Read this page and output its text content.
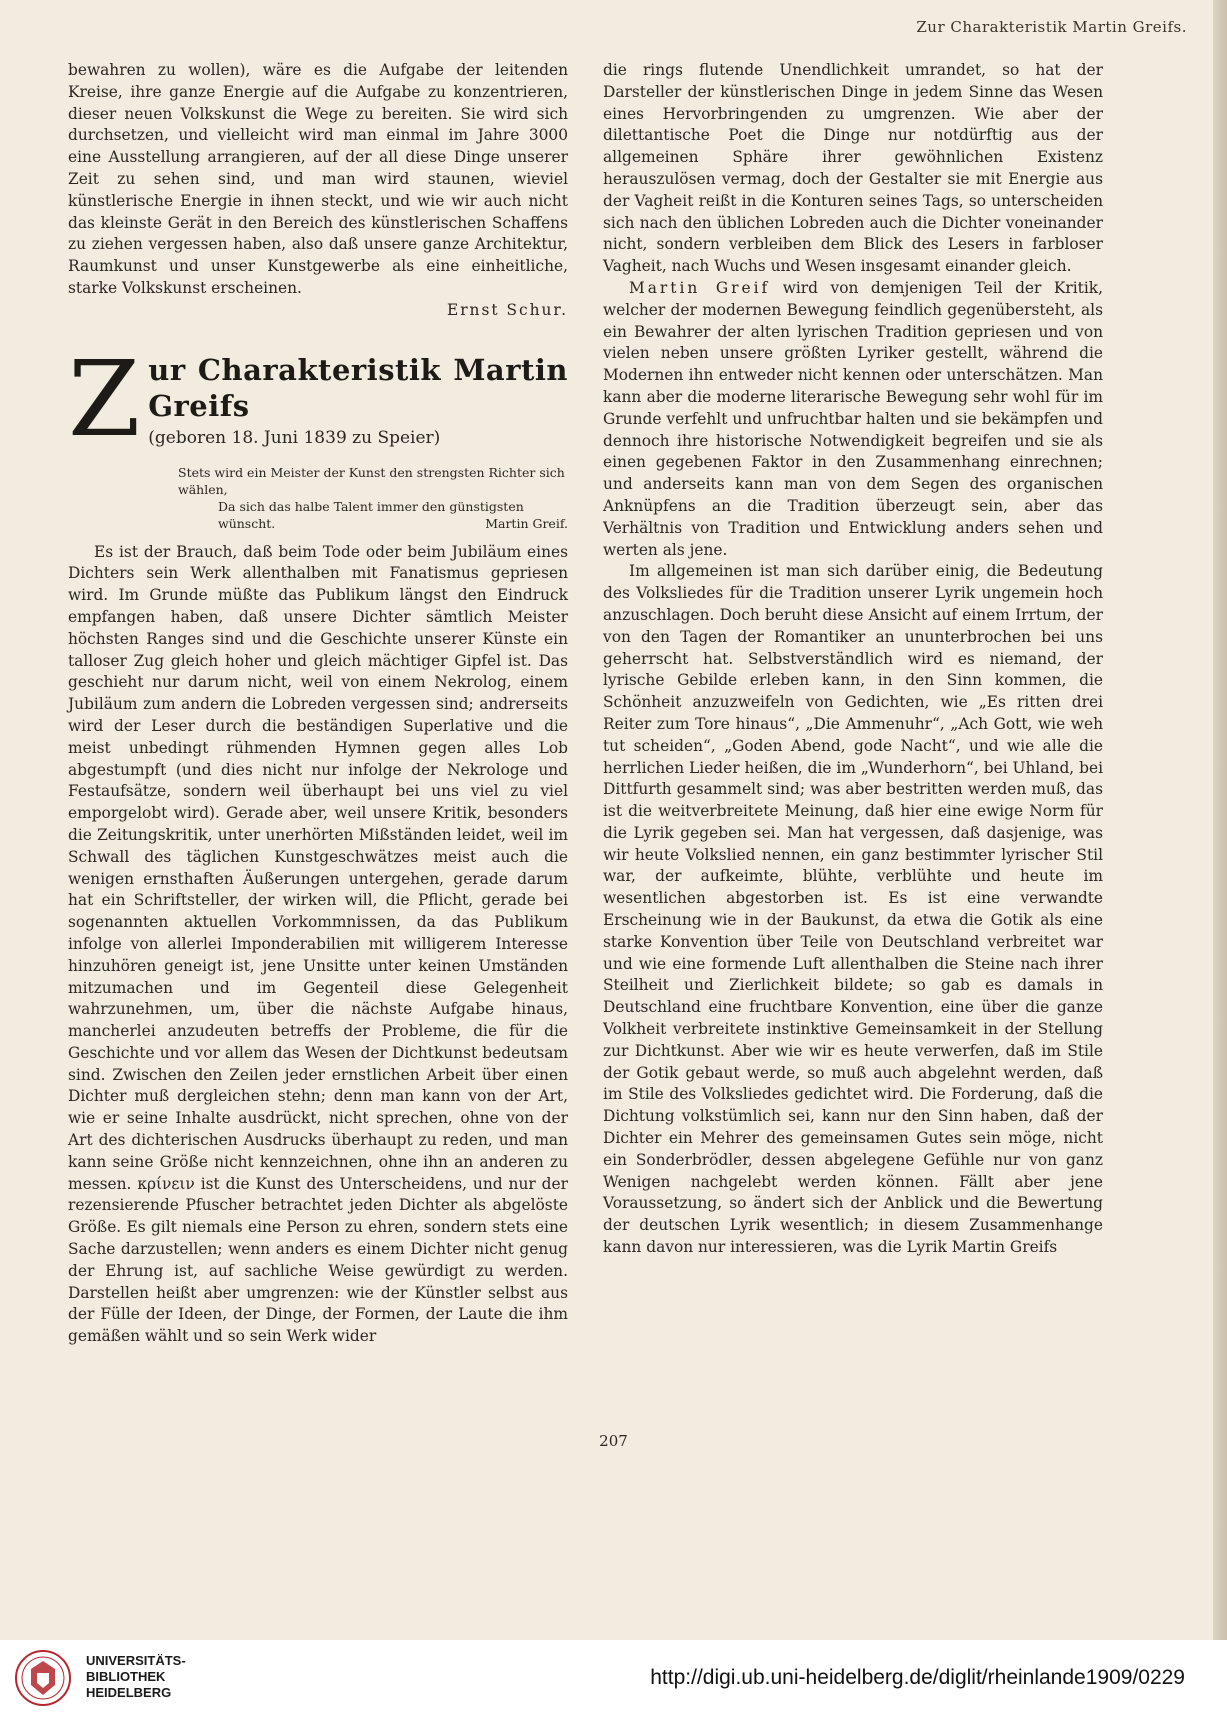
Zur Charakteristik Martin Greifs.

bewahren zu wollen), wäre es die Aufgabe der leitenden Kreise, ihre ganze Energie auf die Aufgabe zu konzentrieren, dieser neuen Volkskunst die Wege zu bereiten. Sie wird sich durchsetzen, und vielleicht wird man einmal im Jahre 3000 eine Ausstellung arrangieren, auf der all diese Dinge unserer Zeit zu sehen sind, und man wird staunen, wieviel künstlerische Energie in ihnen steckt, und wie wir auch nicht das kleinste Gerät in den Bereich des künstlerischen Schaffens zu ziehen vergessen haben, also daß unsere ganze Architektur, Raumkunst und unser Kunstgewerbe als eine einheitliche, starke Volkskunst erscheinen.

Ernst Schur.
Z ur Charakteristik Martin Greifs
(geboren 18. Juni 1839 zu Speier)
Stets wird ein Meister der Kunst den strengsten Richter sich wählen,
Da sich das halbe Talent immer den günstigsten wünscht.	Martin Greif.

Es ist der Brauch, daß beim Tode oder beim Jubiläum eines Dichters sein Werk allenthalben mit Fanatismus gepriesen wird. Im Grunde müßte das Publikum längst den Eindruck empfangen haben, daß unsere Dichter sämtlich Meister höchsten Ranges sind und die Geschichte unserer Künste ein talloser Zug gleich hoher und gleich mächtiger Gipfel ist. Das geschieht nur darum nicht, weil von einem Nekrolog, einem Jubiläum zum andern die Lobreden vergessen sind; andrerseits wird der Leser durch die beständigen Superlative und die meist unbedingt rühmenden Hymnen gegen alles Lob abgestumpft (und dies nicht nur infolge der Nekrologe und Festaufsätze, sondern weil überhaupt bei uns viel zu viel emporgelobt wird). Gerade aber, weil unsere Kritik, besonders die Zeitungskritik, unter unerhörten Mißständen leidet, weil im Schwall des täglichen Kunstgeschwätzes meist auch die wenigen ernsthaften Äußerungen untergehen, gerade darum hat ein Schriftsteller, der wirken will, die Pflicht, gerade bei sogenannten aktuellen Vorkommnissen, da das Publikum infolge von allerlei Imponderabilien mit willigerem Interesse hinzuhören geneigt ist, jene Unsitte unter keinen Umständen mitzumachen und im Gegenteil diese Gelegenheit wahrzunehmen, um, über die nächste Aufgabe hinaus, mancherlei anzudeuten betreffs der Probleme, die für die Geschichte und vor allem das Wesen der Dichtkunst bedeutsam sind. Zwischen den Zeilen jeder ernstlichen Arbeit über einen Dichter muß dergleichen stehn; denn man kann von der Art, wie er seine Inhalte ausdrückt, nicht sprechen, ohne von der Art des dichterischen Ausdrucks überhaupt zu reden, und man kann seine Größe nicht kennzeichnen, ohne ihn an anderen zu messen. κρίνειν ist die Kunst des Unterscheidens, und nur der rezensierende Pfuscher betrachtet jeden Dichter als abgelöste Größe. Es gilt niemals eine Person zu ehren, sondern stets eine Sache darzustellen; wenn anders es einem Dichter nicht genug der Ehrung ist, auf sachliche Weise gewürdigt zu werden. Darstellen heißt aber umgrenzen: wie der Künstler selbst aus der Fülle der Ideen, der Dinge, der Formen, der Laute die ihm gemäßen wählt und so sein Werk wider

die rings flutende Unendlichkeit umrandet, so hat der Darsteller der künstlerischen Dinge in jedem Sinne das Wesen eines Hervorbringenden zu umgrenzen. Wie aber der dilettantische Poet die Dinge nur notdürftig aus der allgemeinen Sphäre ihrer gewöhnlichen Existenz herauszulösen vermag, doch der Gestalter sie mit Energie aus der Vagheit reißt in die Konturen seines Tags, so unterscheiden sich nach den üblichen Lobreden auch die Dichter voneinander nicht, sondern verbleiben dem Blick des Lesers in farbloser Vagheit, nach Wuchs und Wesen insgesamt einander gleich.

Martin Greif wird von demjenigen Teil der Kritik, welcher der modernen Bewegung feindlich gegenübersteht, als ein Bewahrer der alten lyrischen Tradition gepriesen und von vielen neben unsere größten Lyriker gestellt, während die Modernen ihn entweder nicht kennen oder unterschätzen. Man kann aber die moderne literarische Bewegung sehr wohl für im Grunde verfehlt und unfruchtbar halten und sie bekämpfen und dennoch ihre historische Notwendigkeit begreifen und sie als einen gegebenen Faktor in den Zusammenhang einrechnen; und anderseits kann man von dem Segen des organischen Anknüpfens an die Tradition überzeugt sein, aber das Verhältnis von Tradition und Entwicklung anders sehen und werten als jene.

Im allgemeinen ist man sich darüber einig, die Bedeutung des Volksliedes für die Tradition unserer Lyrik ungemein hoch anzuschlagen. Doch beruht diese Ansicht auf einem Irrtum, der von den Tagen der Romantiker an ununterbrochen bei uns geherrscht hat. Selbstverständlich wird es niemand, der lyrische Gebilde erleben kann, in den Sinn kommen, die Schönheit anzuzweifeln von Gedichten, wie „Es ritten drei Reiter zum Tore hinaus“, „Die Ammenuhr“, „Ach Gott, wie weh tut scheiden“, „Goden Abend, gode Nacht“, und wie alle die herrlichen Lieder heißen, die im „Wunderhorn“, bei Uhland, bei Dittfurth gesammelt sind; was aber bestritten werden muß, das ist die weitverbreitete Meinung, daß hier eine ewige Norm für die Lyrik gegeben sei. Man hat vergessen, daß dasjenige, was wir heute Volkslied nennen, ein ganz bestimmter lyrischer Stil war, der aufkeimte, blühte, verblühte und heute im wesentlichen abgestorben ist. Es ist eine verwandte Erscheinung wie in der Baukunst, da etwa die Gotik als eine starke Konvention über Teile von Deutschland verbreitet war und wie eine formende Luft allenthalben die Steine nach ihrer Steilheit und Zierlichkeit bildete; so gab es damals in Deutschland eine fruchtbare Konvention, eine über die ganze Volkheit verbreitete instinktive Gemeinsamkeit in der Stellung zur Dichtkunst. Aber wie wir es heute verwerfen, daß im Stile der Gotik gebaut werde, so muß auch abgelehnt werden, daß im Stile des Volksliedes gedichtet wird. Die Forderung, daß die Dichtung volkstümlich sei, kann nur den Sinn haben, daß der Dichter ein Mehrer des gemeinsamen Gutes sein möge, nicht ein Sonderbrödler, dessen abgelegene Gefühle nur von ganz Wenigen nachgelebt werden können. Fällt aber jene Voraussetzung, so ändert sich der Anblick und die Bewertung der deutschen Lyrik wesentlich; in diesem Zusammenhange kann davon nur interessieren, was die Lyrik Martin Greifs

207
UNIVERSITÄTS-
BIBLIOTHEK
HEIDELBERG
http://digi.ub.uni-heidelberg.de/diglit/rheinlande1909/0229
